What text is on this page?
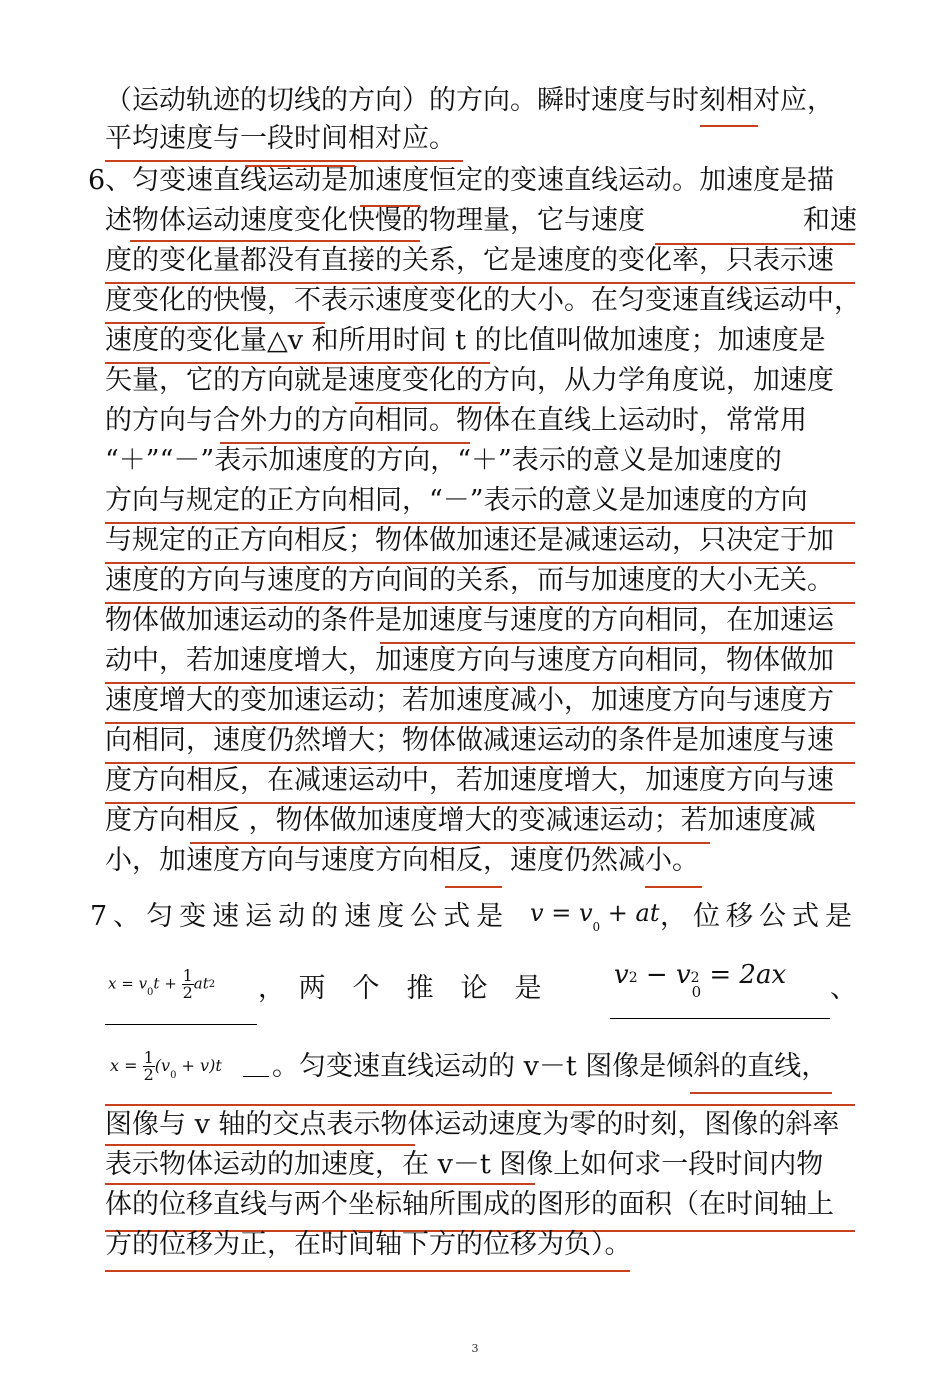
（运动轨迹的切线的方向）的方向。瞬时速度与时刻相对应，
平均速度与一段时间相对应。
6、匀变速直线运动是加速度恒定的变速直线运动。加速度是描
述物体运动速度变化快慢的物理量，它与速度	和速
度的变化量都没有直接的关系，它是速度的变化率，只表示速
度变化的快慢，不表示速度变化的大小。在匀变速直线运动中，
速度的变化量△v 和所用时间 t 的比值叫做加速度；加速度是
矢量，它的方向就是速度变化的方向，从力学角度说，加速度
的方向与合外力的方向相同。物体在直线上运动时，常常用
“＋”“－”表示加速度的方向，“＋”表示的意义是加速度的
方向与规定的正方向相同，“－”表示的意义是加速度的方向
与规定的正方向相反；物体做加速还是减速运动，只决定于加
速度的方向与速度的方向间的关系，而与加速度的大小无关。
物体做加速运动的条件是加速度与速度的方向相同，在加速运
动中，若加速度增大，加速度方向与速度方向相同，物体做加
速度增大的变加速运动；若加速度减小，加速度方向与速度方
向相同，速度仍然增大；物体做减速运动的条件是加速度与速
度方向相反，在减速运动中，若加速度增大，加速度方向与速
度方向相反 ，物体做加速度增大的变减速运动；若加速度减
小，加速度方向与速度方向相反，速度仍然减小。
7、匀变速运动的速度公式是 $v = v_0$ + at ，位移公式是
$x = v_0t + \frac{1}{2} at2$ ，　两　个　推　论　是	$v2 - v2_0 = 2ax$ 、
$x = \frac{1}{2} (v_0 + v)t$ 。匀变速直线运动的 v－t 图像是倾斜的直线，
图像与 v 轴的交点表示物体运动速度为零的时刻，图像的斜率
表示物体运动的加速度，在 v－t 图像上如何求一段时间内物
体的位移直线与两个坐标轴所围成的图形的面积（在时间轴上
方的位移为正，在时间轴下方的位移为负）。
3
